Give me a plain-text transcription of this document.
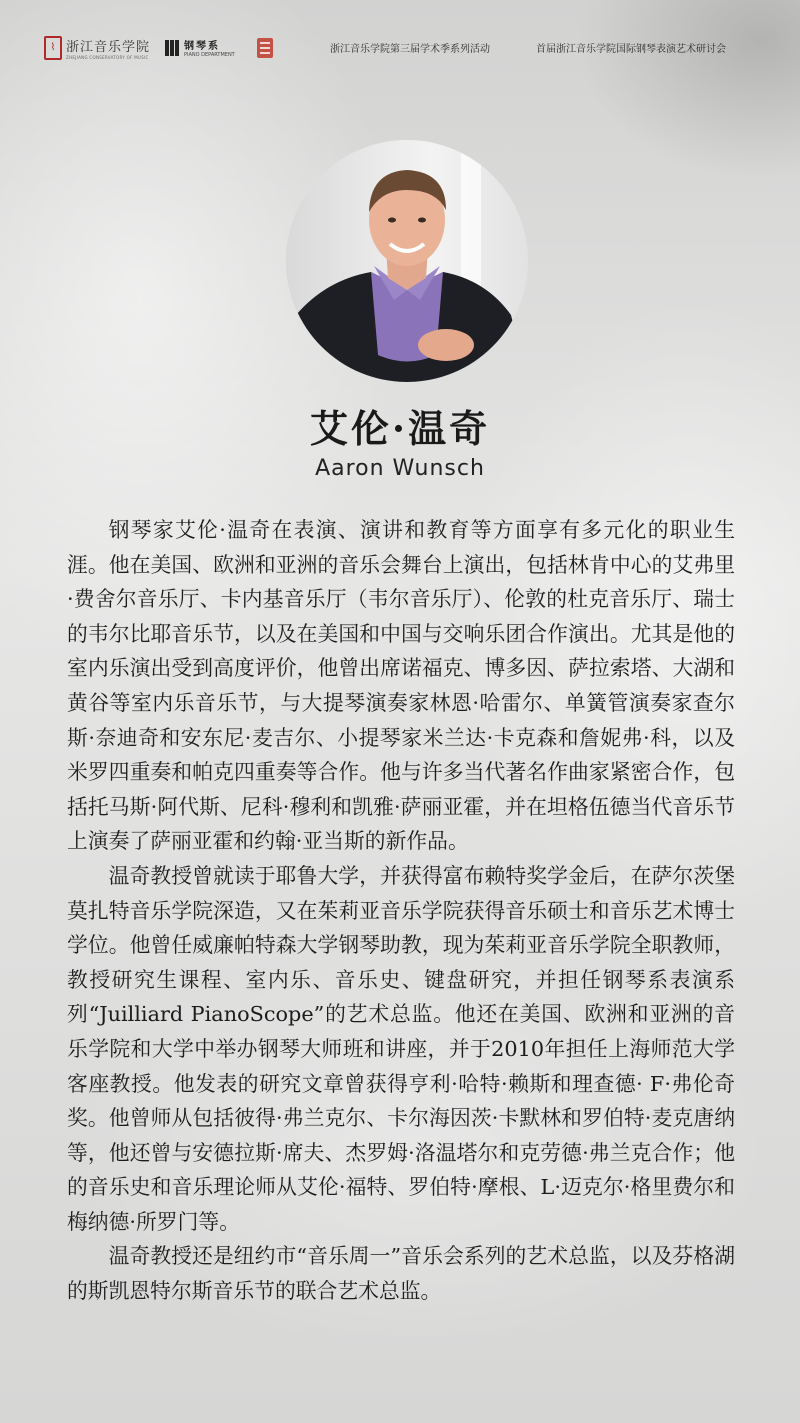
⌇ 浙江音乐学院
ZHEJIANG CONSERVATORY OF MUSIC
钢琴系
PIANO DEPARTMENT	浙江音乐学院第三届学术季系列活动	首届浙江音乐学院国际钢琴表演艺术研讨会
艾伦·温奇
Aaron Wunsch

钢琴家艾伦·温奇在表演、演讲和教育等方面享有多元化的职业生涯。他在美国、欧洲和亚洲的音乐会舞台上演出，包括林肯中心的艾弗里·费舍尔音乐厅、卡内基音乐厅（韦尔音乐厅）、伦敦的杜克音乐厅、瑞士的韦尔比耶音乐节，以及在美国和中国与交响乐团合作演出。尤其是他的室内乐演出受到高度评价，他曾出席诺福克、博多因、萨拉索塔、大湖和黄谷等室内乐音乐节，与大提琴演奏家林恩·哈雷尔、单簧管演奏家查尔斯·奈迪奇和安东尼·麦吉尔、小提琴家米兰达·卡克森和詹妮弗·科，以及米罗四重奏和帕克四重奏等合作。他与许多当代著名作曲家紧密合作，包括托马斯·阿代斯、尼科·穆利和凯雅·萨丽亚霍，并在坦格伍德当代音乐节上演奏了萨丽亚霍和约翰·亚当斯的新作品。

温奇教授曾就读于耶鲁大学，并获得富布赖特奖学金后，在萨尔茨堡莫扎特音乐学院深造，又在茱莉亚音乐学院获得音乐硕士和音乐艺术博士学位。他曾任威廉帕特森大学钢琴助教，现为茱莉亚音乐学院全职教师，教授研究生课程、室内乐、音乐史、键盘研究，并担任钢琴系表演系列“Juilliard PianoScope”的艺术总监。他还在美国、欧洲和亚洲的音乐学院和大学中举办钢琴大师班和讲座，并于2010年担任上海师范大学客座教授。他发表的研究文章曾获得亨利·哈特·赖斯和理查德· F·弗伦奇奖。他曾师从包括彼得·弗兰克尔、卡尔海因茨·卡默林和罗伯特·麦克唐纳等，他还曾与安德拉斯·席夫、杰罗姆·洛温塔尔和克劳德·弗兰克合作；他的音乐史和音乐理论师从艾伦·福特、罗伯特·摩根、L·迈克尔·格里费尔和梅纳德·所罗门等。

温奇教授还是纽约市“音乐周一”音乐会系列的艺术总监，以及芬格湖的斯凯恩特尔斯音乐节的联合艺术总监。
